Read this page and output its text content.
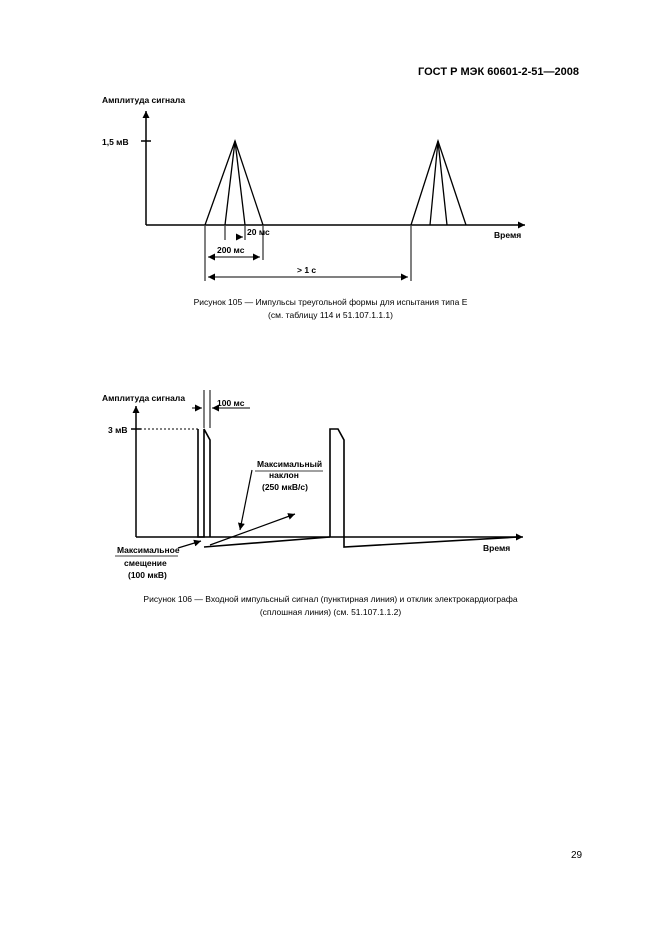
ГОСТ Р МЭК 60601-2-51—2008
Амплитуда сигнала
1,5 мВ
Время
20 мс
200 мс
> 1 с
Рисунок 105 — Импульсы треугольной формы для испытания типа E
(см. таблицу 114 и 51.107.1.1.1)
Амплитуда сигнала
3 мВ
Время
100 мс
Максимальный
наклон
(250 мкВ/с)
Максимальное
смещение
(100 мкВ)
Рисунок 106 — Входной импульсный сигнал (пунктирная линия) и отклик электрокардиографа
(сплошная линия) (см. 51.107.1.1.2)
29
